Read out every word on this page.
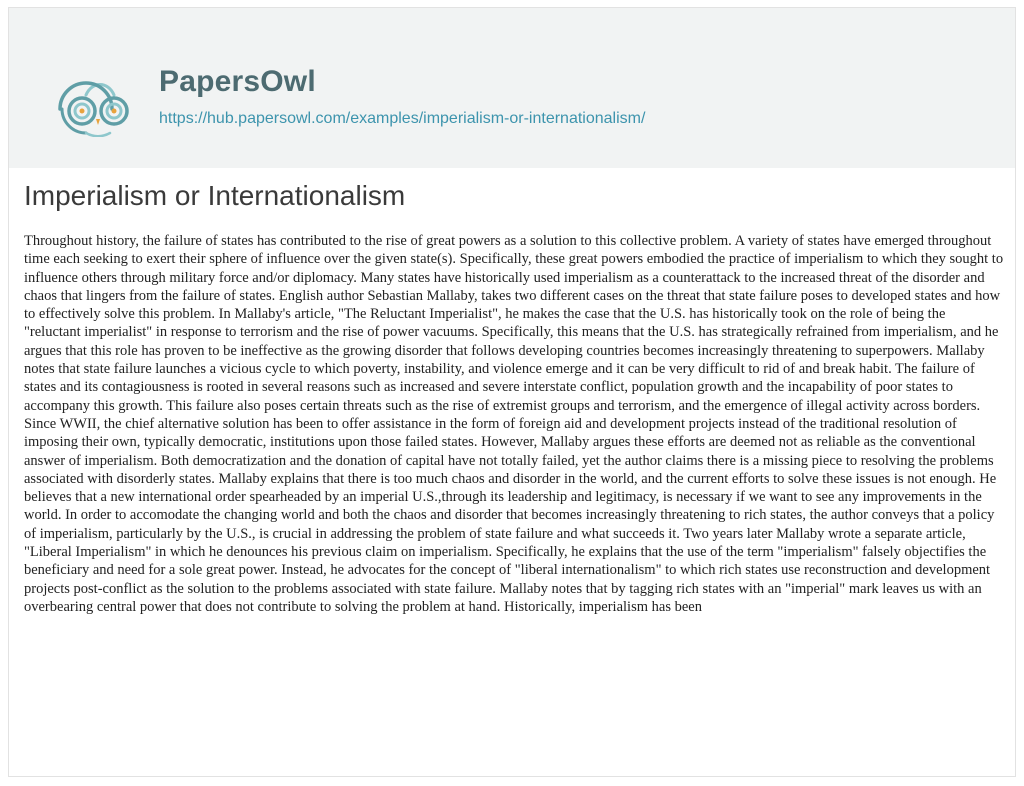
PapersOwl
https://hub.papersowl.com/examples/imperialism-or-internationalism/
Imperialism or Internationalism

Throughout history, the failure of states has contributed to the rise of great powers as a solution to this collective problem. A variety of states have emerged throughout time each seeking to exert their sphere of influence over the given state(s). Specifically, these great powers embodied the practice of imperialism to which they sought to influence others through military force and/or diplomacy. Many states have historically used imperialism as a counterattack to the increased threat of the disorder and chaos that lingers from the failure of states. English author Sebastian Mallaby, takes two different cases on the threat that state failure poses to developed states and how to effectively solve this problem. In Mallaby's article, "The Reluctant Imperialist", he makes the case that the U.S. has historically took on the role of being the "reluctant imperialist" in response to terrorism and the rise of power vacuums. Specifically, this means that the U.S. has strategically refrained from imperialism, and he argues that this role has proven to be ineffective as the growing disorder that follows developing countries becomes increasingly threatening to superpowers. Mallaby notes that state failure launches a vicious cycle to which poverty, instability, and violence emerge and it can be very difficult to rid of and break habit. The failure of states and its contagiousness is rooted in several reasons such as increased and severe interstate conflict, population growth and the incapability of poor states to accompany this growth. This failure also poses certain threats such as the rise of extremist groups and terrorism, and the emergence of illegal activity across borders. Since WWII, the chief alternative solution has been to offer assistance in the form of foreign aid and development projects instead of the traditional resolution of imposing their own, typically democratic, institutions upon those failed states. However, Mallaby argues these efforts are deemed not as reliable as the conventional answer of imperialism. Both democratization and the donation of capital have not totally failed, yet the author claims there is a missing piece to resolving the problems associated with disorderly states. Mallaby explains that there is too much chaos and disorder in the world, and the current efforts to solve these issues is not enough. He believes that a new international order spearheaded by an imperial U.S.,through its leadership and legitimacy, is necessary if we want to see any improvements in the world. In order to accomodate the changing world and both the chaos and disorder that becomes increasingly threatening to rich states, the author conveys that a policy of imperialism, particularly by the U.S., is crucial in addressing the problem of state failure and what succeeds it. Two years later Mallaby wrote a separate article, "Liberal Imperialism" in which he denounces his previous claim on imperialism. Specifically, he explains that the use of the term "imperialism" falsely objectifies the beneficiary and need for a sole great power. Instead, he advocates for the concept of "liberal internationalism" to which rich states use reconstruction and development projects post-conflict as the solution to the problems associated with state failure. Mallaby notes that by tagging rich states with an "imperial" mark leaves us with an overbearing central power that does not contribute to solving the problem at hand. Historically, imperialism has been
